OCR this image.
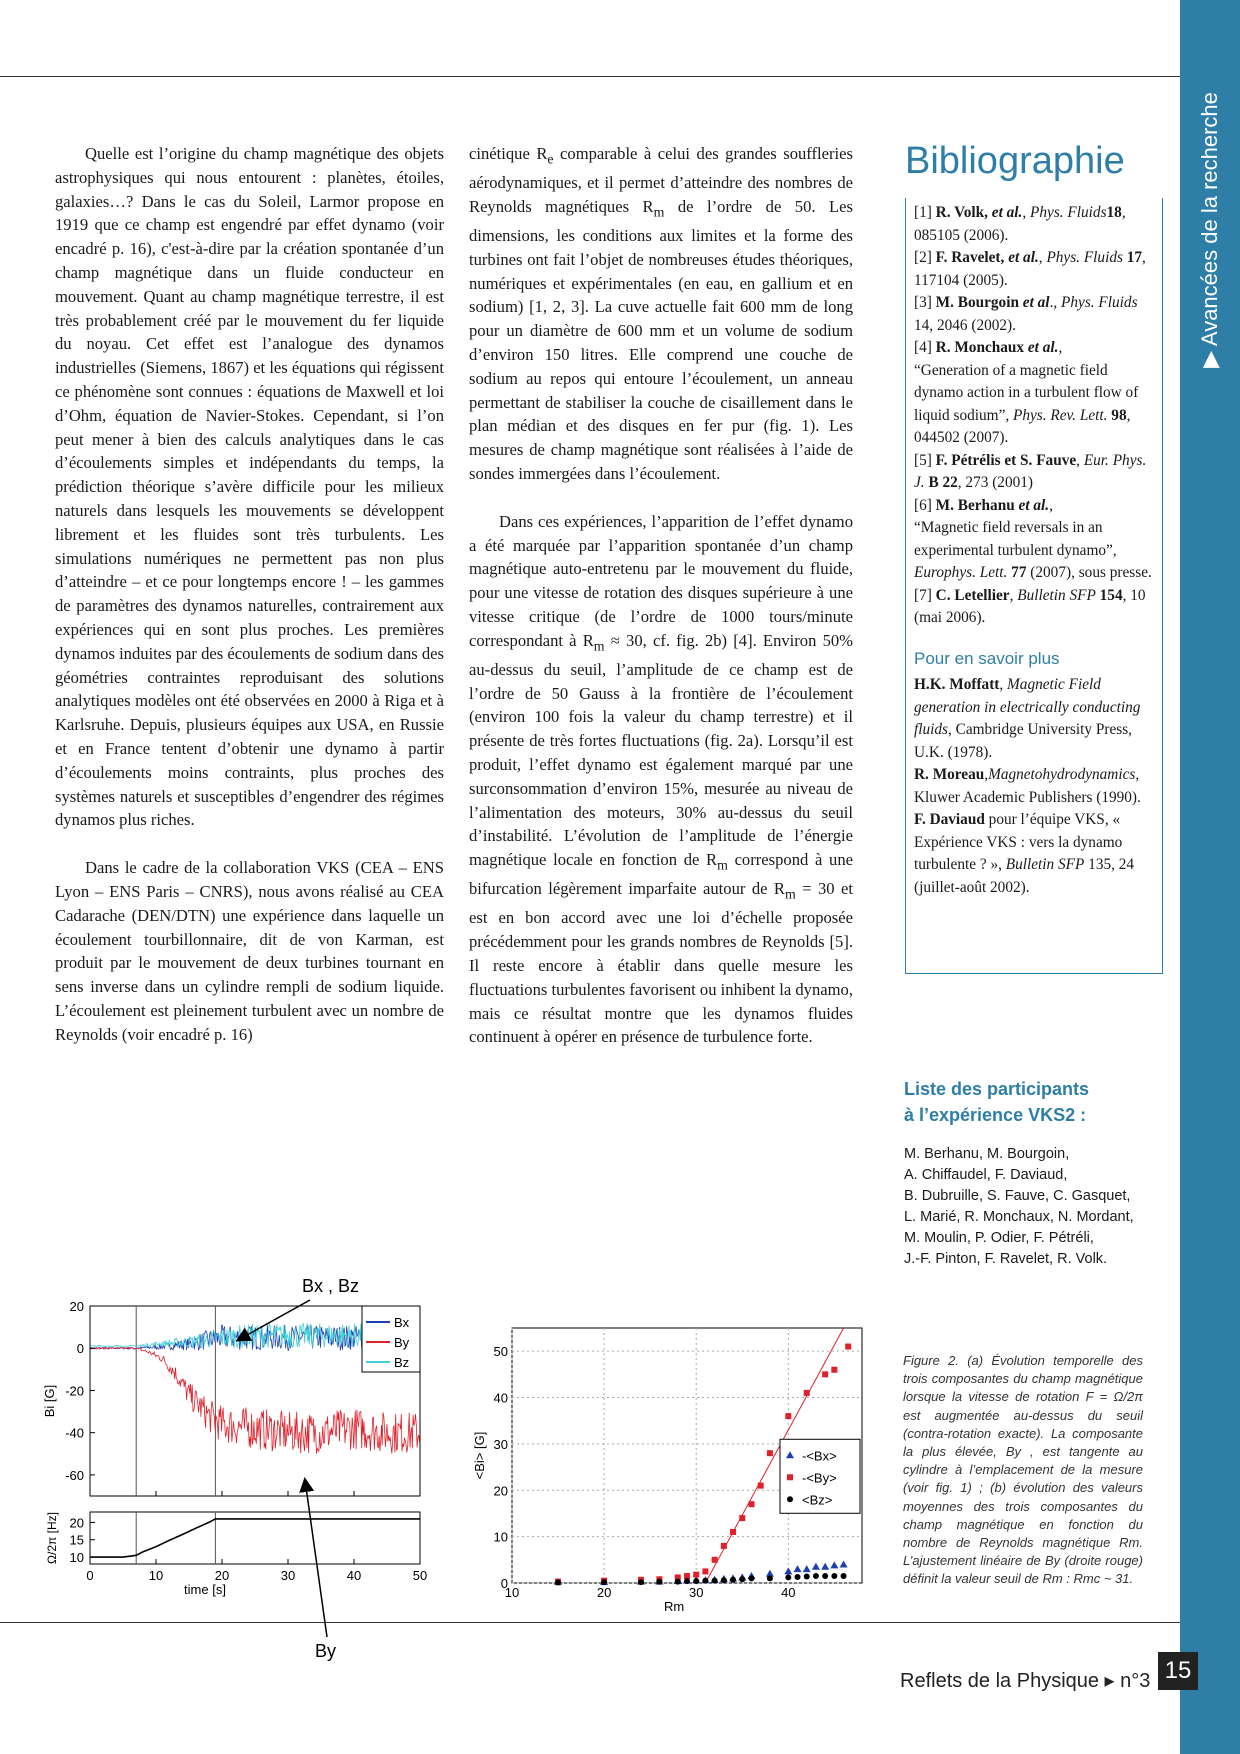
▶ Avancées de la recherche

Quelle est l’origine du champ magnétique des objets astrophysiques qui nous entourent : planètes, étoiles, galaxies…? Dans le cas du Soleil, Larmor propose en 1919 que ce champ est engendré par effet dynamo (voir encadré p. 16), c'est-à-dire par la création spontanée d’un champ magnétique dans un fluide conducteur en mouvement. Quant au champ magnétique terrestre, il est très probablement créé par le mouvement du fer liquide du noyau. Cet effet est l’analogue des dynamos industrielles (Siemens, 1867) et les équations qui régissent ce phénomène sont connues : équations de Maxwell et loi d’Ohm, équation de Navier-Stokes. Cependant, si l’on peut mener à bien des calculs analytiques dans le cas d’écoulements simples et indépendants du temps, la prédiction théorique s’avère difficile pour les milieux naturels dans lesquels les mouvements se développent librement et les fluides sont très turbulents. Les simulations numériques ne permettent pas non plus d’atteindre – et ce pour longtemps encore ! – les gammes de paramètres des dynamos naturelles, contrairement aux expériences qui en sont plus proches. Les premières dynamos induites par des écoulements de sodium dans des géométries contraintes reproduisant des solutions analytiques modèles ont été observées en 2000 à Riga et à Karlsruhe. Depuis, plusieurs équipes aux USA, en Russie et en France tentent d’obtenir une dynamo à partir d’écoulements moins contraints, plus proches des systèmes naturels et susceptibles d’engendrer des régimes dynamos plus riches.

Dans le cadre de la collaboration VKS (CEA – ENS Lyon – ENS Paris – CNRS), nous avons réalisé au CEA Cadarache (DEN/DTN) une expérience dans laquelle un écoulement tourbillonnaire, dit de von Karman, est produit par le mouvement de deux turbines tournant en sens inverse dans un cylindre rempli de sodium liquide. L’écoulement est pleinement turbulent avec un nombre de Reynolds (voir encadré p. 16)

cinétique $R_e$ comparable à celui des grandes souffleries aérodynamiques, et il permet d’atteindre des nombres de Reynolds magnétiques $R_m$ de l’ordre de 50. Les dimensions, les conditions aux limites et la forme des turbines ont fait l’objet de nombreuses études théoriques, numériques et expérimentales (en eau, en gallium et en sodium) [1, 2, 3]. La cuve actuelle fait 600 mm de long pour un diamètre de 600 mm et un volume de sodium d’environ 150 litres. Elle comprend une couche de sodium au repos qui entoure l’écoulement, un anneau permettant de stabiliser la couche de cisaillement dans le plan médian et des disques en fer pur (fig. 1). Les mesures de champ magnétique sont réalisées à l’aide de sondes immergées dans l’écoulement.

Dans ces expériences, l’apparition de l’effet dynamo a été marquée par l’apparition spontanée d’un champ magnétique auto-entretenu par le mouvement du fluide, pour une vitesse de rotation des disques supérieure à une vitesse critique (de l’ordre de 1000 tours/minute correspondant à $R_m \approx 30$, cf. fig. 2b) [4]. Environ 50% au-dessus du seuil, l’amplitude de ce champ est de l’ordre de 50 Gauss à la frontière de l’écoulement (environ 100 fois la valeur du champ terrestre) et il présente de très fortes fluctuations (fig. 2a). Lorsqu’il est produit, l’effet dynamo est également marqué par une surconsommation d’environ 15%, mesurée au niveau de l’alimentation des moteurs, 30% au-dessus du seuil d’instabilité. L’évolution de l’amplitude de l’énergie magnétique locale en fonction de $R_m$ correspond à une bifurcation légèrement imparfaite autour de $R_m = 30$ et est en bon accord avec une loi d’échelle proposée précédemment pour les grands nombres de Reynolds [5]. Il reste encore à établir dans quelle mesure les fluctuations turbulentes favorisent ou inhibent la dynamo, mais ce résultat montre que les dynamos fluides continuent à opérer en présence de turbulence forte.

Bibliographie
[1] R. Volk, et al., Phys. Fluids18, 085105 (2006).
[2] F. Ravelet, et al., Phys. Fluids 17, 117104 (2005).
[3] M. Bourgoin et al., Phys. Fluids 14, 2046 (2002).
[4] R. Monchaux et al.,
“Generation of a magnetic field dynamo action in a turbulent flow of liquid sodium”, Phys. Rev. Lett. 98, 044502 (2007).
[5] F. Pétrélis et S. Fauve, Eur. Phys. J. B 22, 273 (2001)
[6] M. Berhanu et al.,
“Magnetic field reversals in an experimental turbulent dynamo”, Europhys. Lett. 77 (2007), sous presse.
[7] C. Letellier, Bulletin SFP 154, 10 (mai 2006).
Pour en savoir plus
H.K. Moffatt, Magnetic Field generation in electrically conducting fluids, Cambridge University Press, U.K. (1978).
R. Moreau,Magnetohydrodynamics, Kluwer Academic Publishers (1990).
F. Daviaud pour l’équipe VKS, « Expérience VKS : vers la dynamo turbulente ? », Bulletin SFP 135, 24 (juillet-août 2002).
Liste des participants
à l’expérience VKS2 :
M. Berhanu, M. Bourgoin,
A. Chiffaudel, F. Daviaud,
B. Dubruille, S. Fauve, C. Gasquet,
L. Marié, R. Monchaux, N. Mordant,
M. Moulin, P. Odier, F. Pétréli,
J.-F. Pinton, F. Ravelet, R. Volk.
20
0
-20
-40
-60
Bi [G]
Bx
By
Bz
10
15
20
0	10	20	30	40	50
Ω/2π [Hz]
time [s]
Bx , Bz
By
0
10
20
30
40
50
10	20	30	40
<Bi> [G]
Rm
-<Bx>
-<By>
<Bz>
Figure 2. (a) Évolution temporelle des trois composantes du champ magnétique lorsque la vitesse de rotation F = Ω/2π est augmentée au-dessus du seuil (contra-rotation exacte). La composante la plus élevée, By , est tangente au cylindre à l’emplacement de la mesure (voir fig. 1) ; (b) évolution des valeurs moyennes des trois composantes du champ magnétique en fonction du nombre de Reynolds magnétique Rm. L’ajustement linéaire de By (droite rouge) définit la valeur seuil de Rm : Rmc ~ 31.
Reflets de la Physique ▸ n°3 15
